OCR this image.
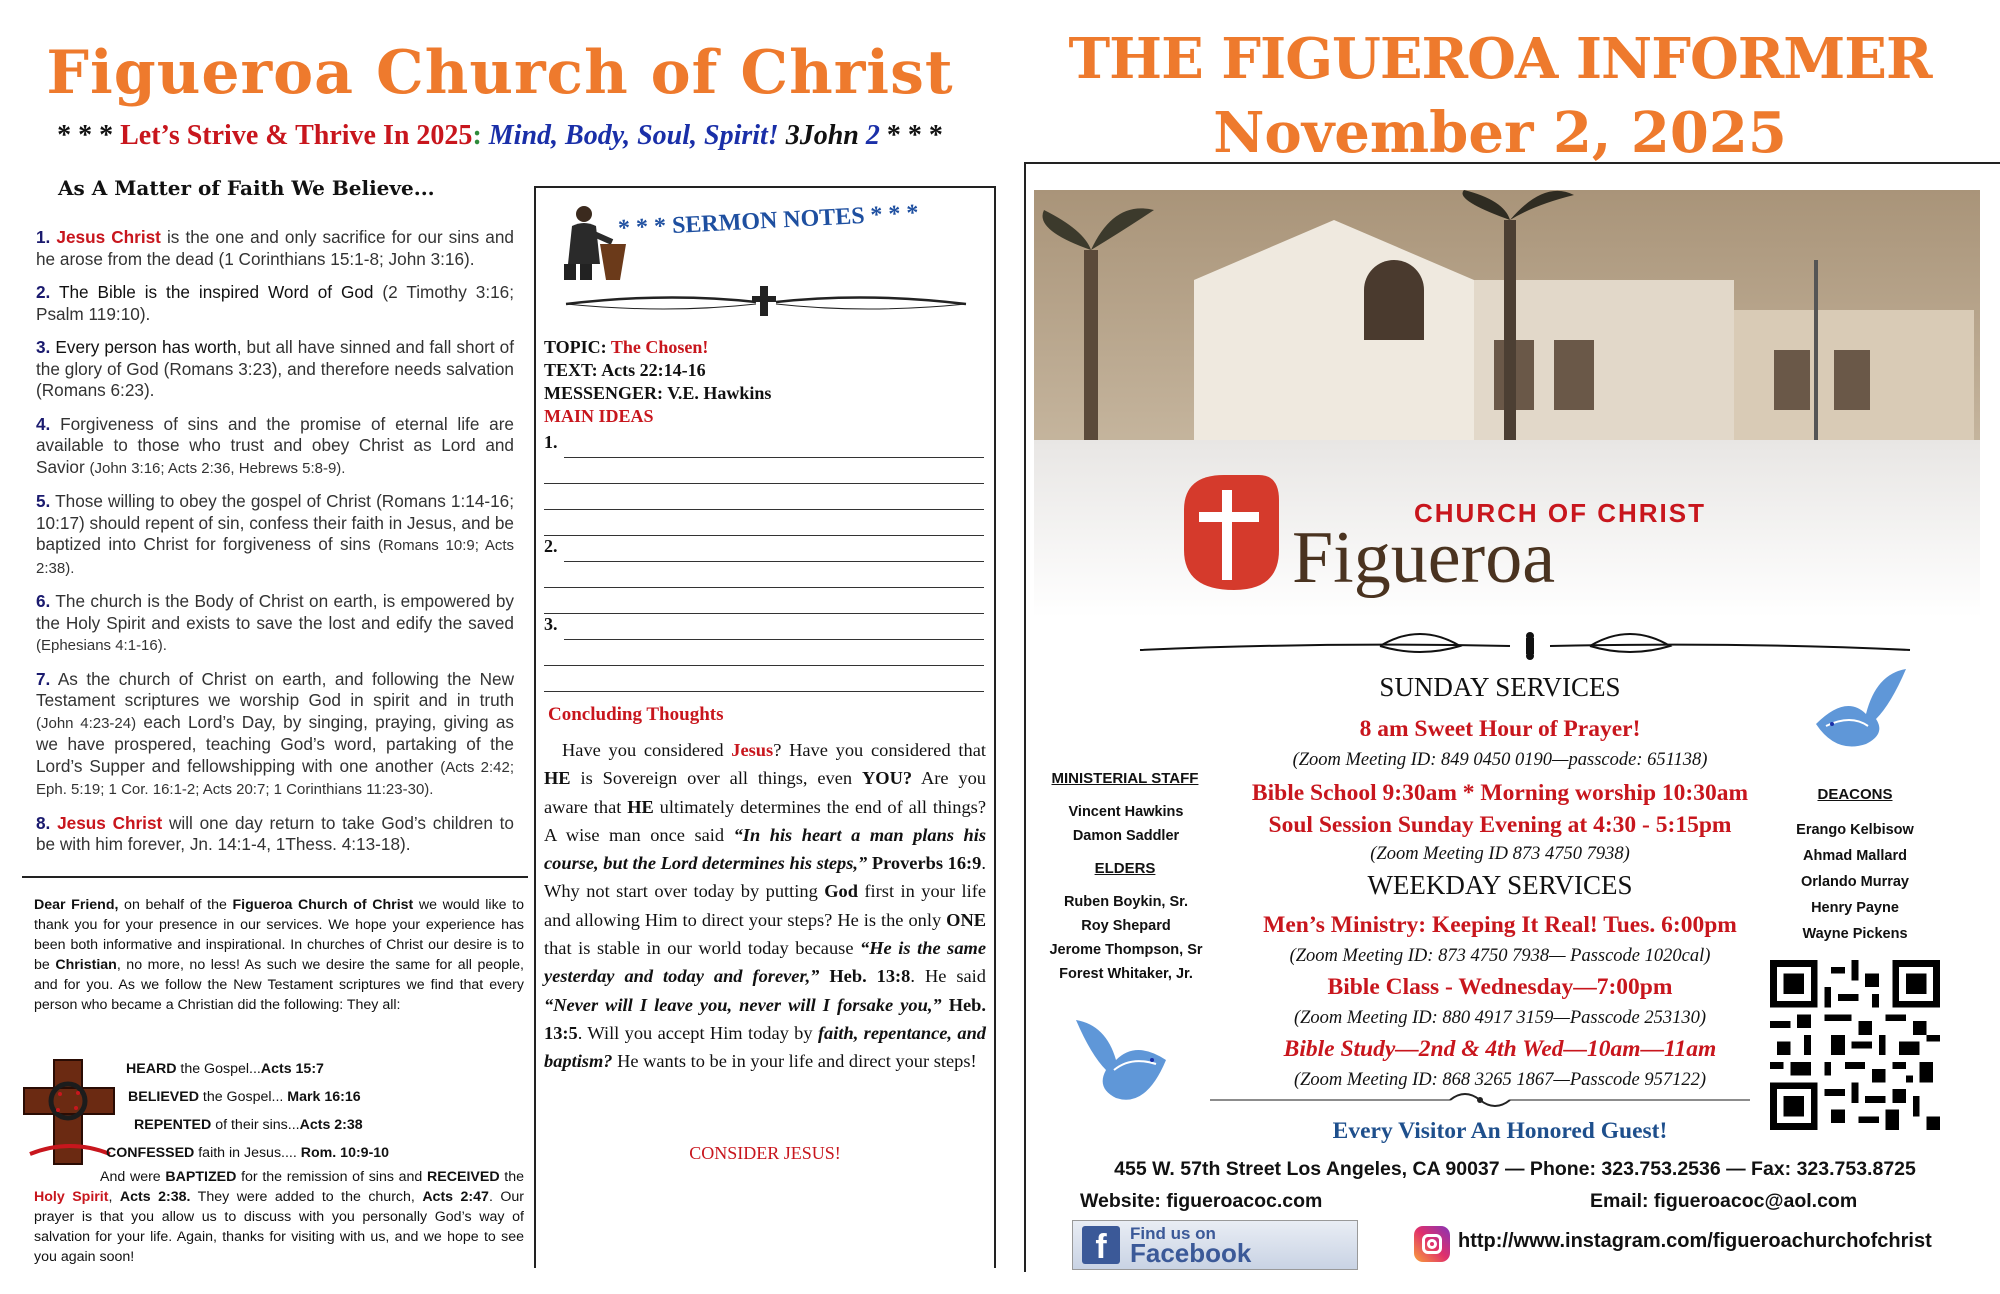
Figueroa Church of Christ
* * * Let’s Strive & Thrive In 2025: Mind, Body, Soul, Spirit! 3John 2 * * *
As A Matter of Faith We Believe...

1. Jesus Christ is the one and only sacrifice for our sins and he arose from the dead (1 Corinthians 15:1-8; John 3:16).

2. The Bible is the inspired Word of God (2 Timothy 3:16; Psalm 119:10).

3. Every person has worth, but all have sinned and fall short of the glory of God (Romans 3:23), and therefore needs salvation (Romans 6:23).

4. Forgiveness of sins and the promise of eternal life are available to those who trust and obey Christ as Lord and Savior (John 3:16; Acts 2:36, Hebrews 5:8-9).

5. Those willing to obey the gospel of Christ (Romans 1:14-16; 10:17) should repent of sin, confess their faith in Jesus, and be baptized into Christ for forgiveness of sins (Romans 10:9; Acts 2:38).

6. The church is the Body of Christ on earth, is empowered by the Holy Spirit and exists to save the lost and edify the saved (Ephesians 4:1-16).

7. As the church of Christ on earth, and following the New Testament scriptures we worship God in spirit and in truth (John 4:23-24) each Lord’s Day, by singing, praying, giving as we have prospered, teaching God’s word, partaking of the Lord’s Supper and fellowshipping with one another (Acts 2:42; Eph. 5:19; 1 Cor. 16:1-2; Acts 20:7; 1 Corinthians 11:23-30).

8. Jesus Christ will one day return to take God’s children to be with him forever, Jn. 14:1-4, 1Thess. 4:13-18).

Dear Friend, on behalf of the Figueroa Church of Christ we would like to thank you for your presence in our services. We hope your experience has been both informative and inspirational. In churches of Christ our desire is to be Christian, no more, no less! As such we desire the same for all people, and for you. As we follow the New Testament scriptures we find that every person who became a Christian did the following: They all:
HEARD the Gospel...Acts 15:7
BELIEVED the Gospel... Mark 16:16
REPENTED of their sins...Acts 2:38
CONFESSED faith in Jesus.... Rom. 10:9-10
And were BAPTIZED for the remission of sins and RECEIVED the Holy Spirit, Acts 2:38. They were added to the church, Acts 2:47. Our prayer is that you allow us to discuss with you personally God’s way of salvation for your life. Again, thanks for visiting with us, and we hope to see you again soon!
* * * SERMON NOTES * * *
TOPIC: The Chosen!
TEXT: Acts 22:14-16
MESSENGER: V.E. Hawkins
MAIN IDEAS
1.
2.
3.
Concluding Thoughts
Have you considered Jesus? Have you considered that HE is Sovereign over all things, even YOU? Are you aware that HE ultimately determines the end of all things? A wise man once said “In his heart a man plans his course, but the Lord determines his steps,” Proverbs 16:9. Why not start over today by putting God first in your life and allowing Him to direct your steps? He is the only ONE that is stable in our world today because “He is the same yesterday and today and forever,” Heb. 13:8. He said “Never will I leave you, never will I forsake you,” Heb. 13:5. Will you accept Him today by faith, repentance, and baptism? He wants to be in your life and direct your steps!
CONSIDER JESUS!
THE FIGUEROA INFORMER
November 2, 2025
CHURCH OF CHRIST
Figueroa
SUNDAY SERVICES
8 am Sweet Hour of Prayer!
(Zoom Meeting ID: 849 0450 0190—passcode: 651138)
Bible School 9:30am * Morning worship 10:30am
Soul Session Sunday Evening at 4:30 - 5:15pm
(Zoom Meeting ID 873 4750 7938)
WEEKDAY SERVICES
Men’s Ministry: Keeping It Real! Tues. 6:00pm
(Zoom Meeting ID: 873 4750 7938— Passcode 1020cal)
Bible Class - Wednesday—7:00pm
(Zoom Meeting ID: 880 4917 3159—Passcode 253130)
Bible Study—2nd & 4th Wed—10am—11am
(Zoom Meeting ID: 868 3265 1867—Passcode 957122)
MINISTERIAL STAFF
Vincent Hawkins
Damon Saddler
ELDERS
Ruben Boykin, Sr.
Roy Shepard
Jerome Thompson, Sr
Forest Whitaker, Jr.
DEACONS
Erango Kelbisow
Ahmad Mallard
Orlando Murray
Henry Payne
Wayne Pickens
Every Visitor An Honored Guest!
455 W. 57th Street Los Angeles, CA 90037 — Phone: 323.753.2536 — Fax: 323.753.8725
Website: figueroacoc.com	Email: figueroacoc@aol.com
f	Find us on
Facebook	http://www.instagram.com/figueroachurchofchrist
